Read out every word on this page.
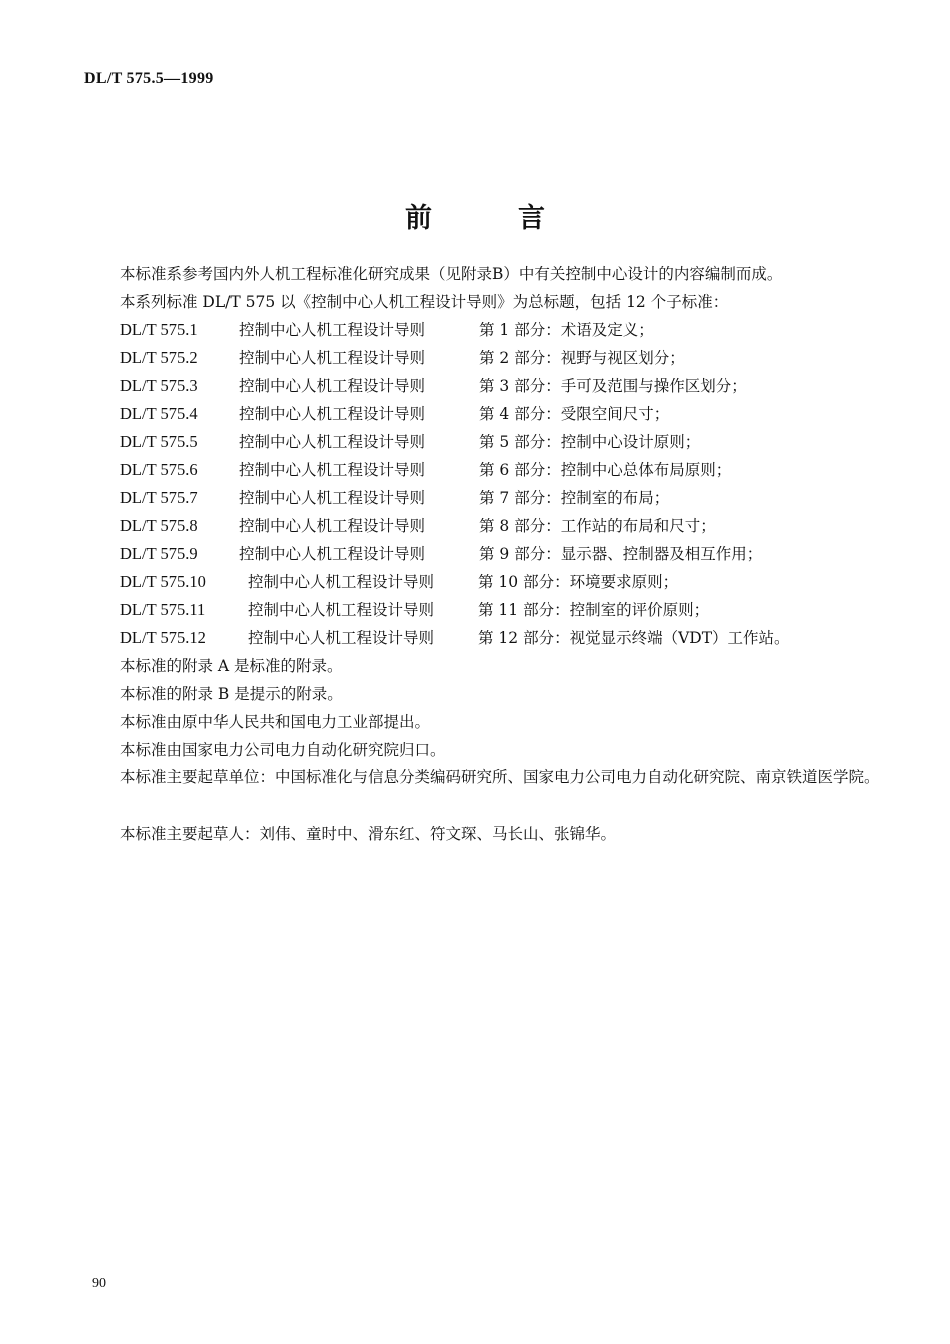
DL/T 575.5—1999
前	言
本标准系参考国内外人机工程标准化研究成果（见附录B）中有关控制中心设计的内容编制而成。
本系列标准 DL/T 575 以《控制中心人机工程设计导则》为总标题，包括 12 个子标准：
DL/T 575.1	控制中心人机工程设计导则	第 1 部分：术语及定义；
DL/T 575.2	控制中心人机工程设计导则	第 2 部分：视野与视区划分；
DL/T 575.3	控制中心人机工程设计导则	第 3 部分：手可及范围与操作区划分；
DL/T 575.4	控制中心人机工程设计导则	第 4 部分：受限空间尺寸；
DL/T 575.5	控制中心人机工程设计导则	第 5 部分：控制中心设计原则；
DL/T 575.6	控制中心人机工程设计导则	第 6 部分：控制中心总体布局原则；
DL/T 575.7	控制中心人机工程设计导则	第 7 部分：控制室的布局；
DL/T 575.8	控制中心人机工程设计导则	第 8 部分：工作站的布局和尺寸；
DL/T 575.9	控制中心人机工程设计导则	第 9 部分：显示器、控制器及相互作用；
DL/T 575.10	控制中心人机工程设计导则	第 10 部分：环境要求原则；
DL/T 575.11	控制中心人机工程设计导则	第 11 部分：控制室的评价原则；
DL/T 575.12	控制中心人机工程设计导则	第 12 部分：视觉显示终端（VDT）工作站。
本标准的附录 A 是标准的附录。
本标准的附录 B 是提示的附录。
本标准由原中华人民共和国电力工业部提出。
本标准由国家电力公司电力自动化研究院归口。
本标准主要起草单位：中国标准化与信息分类编码研究所、国家电力公司电力自动化研究院、南京铁道医学院。
本标准主要起草人：刘伟、童时中、滑东红、符文琛、马长山、张锦华。
90
